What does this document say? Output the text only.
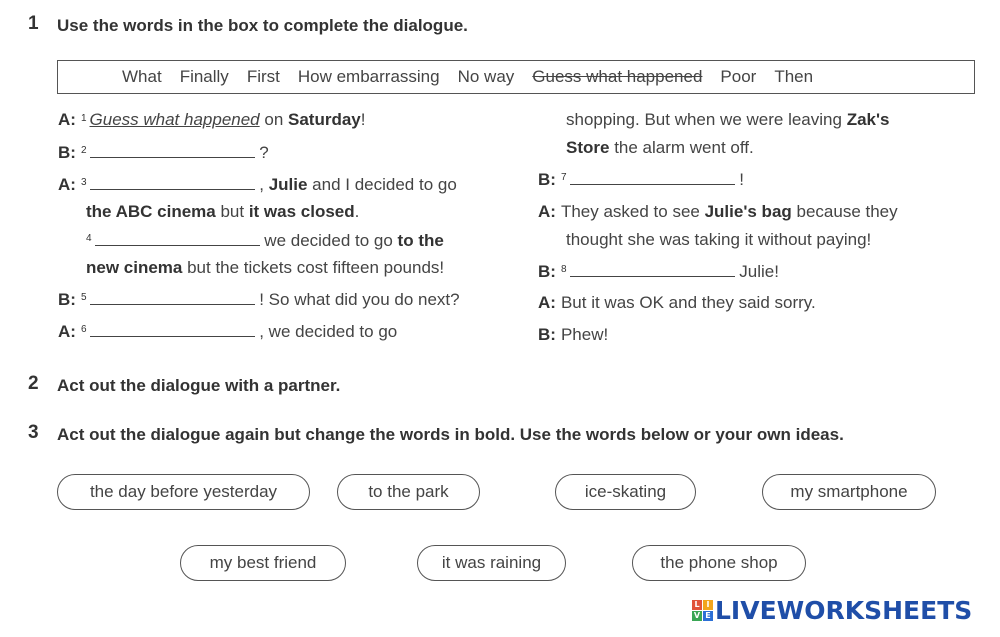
1 Use the words in the box to complete the dialogue.
What Finally First How embarrassing No way Guess what happened Poor Then
A: $^1$ Guess what happened on Saturday!
B: $^2$	?
A: $^3$	, Julie and I decided to go
the ABC cinema but it was closed.
$^4$	we decided to go to the
new cinema but the tickets cost fifteen pounds!
B: $^5$	! So what did you do next?
A: $^6$	, we decided to go
shopping. But when we were leaving Zak's
Store the alarm went off.
B: $^7$	!
A: They asked to see Julie's bag because they
thought she was taking it without paying!
B: $^8$	Julie!
A: But it was OK and they said sorry.
B: Phew!
2 Act out the dialogue with a partner.
3 Act out the dialogue again but change the words in bold. Use the words below or your own ideas.
the day before yesterday	to the park	ice-skating	my smartphone
my best friend	it was raining	the phone shop
L I
V E LIVEWORKSHEETS
